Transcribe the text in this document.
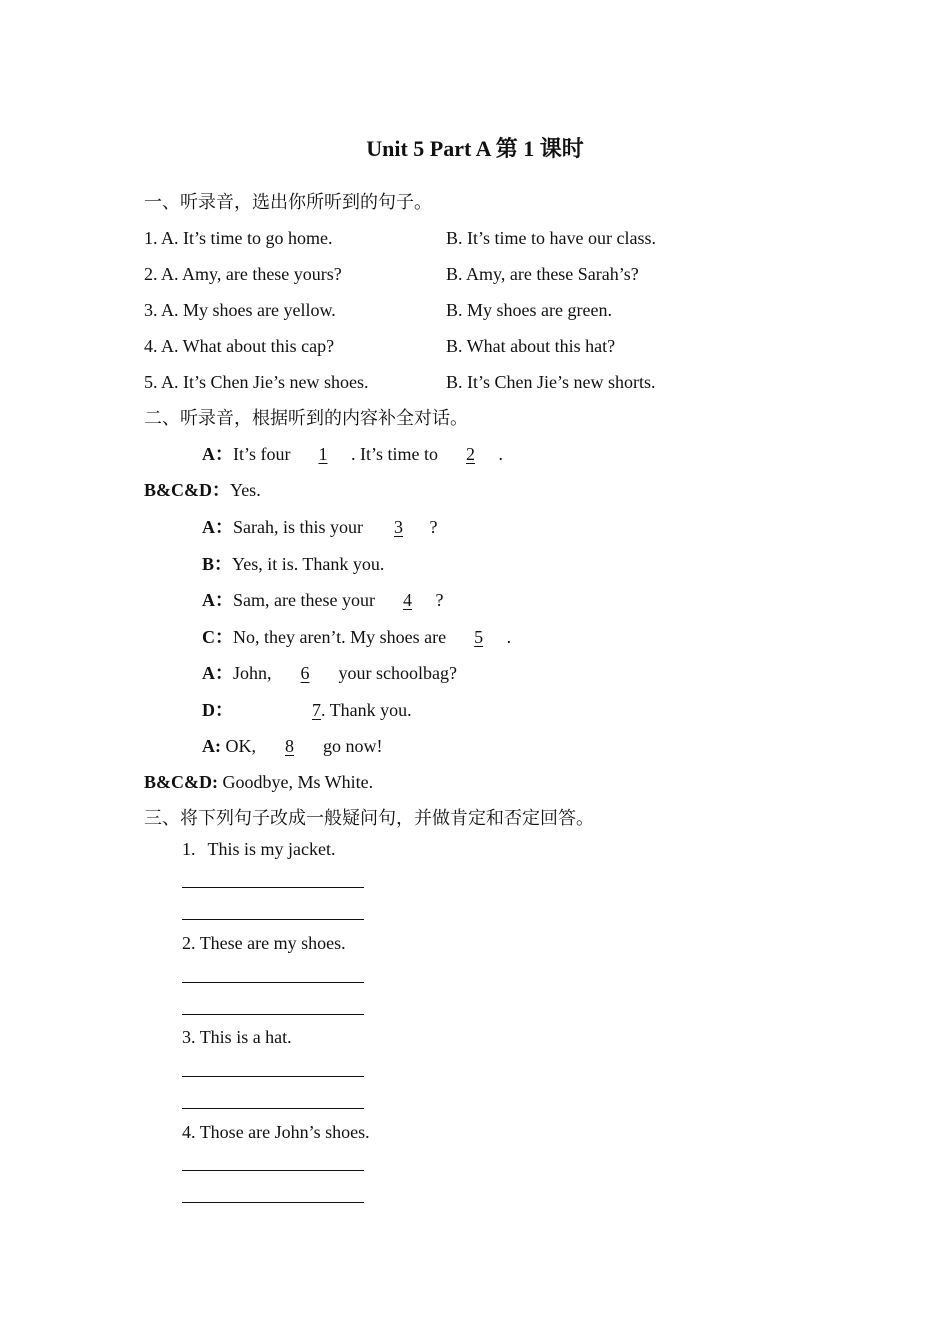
Unit 5 Part A 第 1 课时
一、听录音，选出你所听到的句子。
1. A. It’s time to go home.	B. It’s time to have our class.
2. A. Amy, are these yours?	B. Amy, are these Sarah’s?
3. A. My shoes are yellow.	B. My shoes are green.
4. A. What about this cap?	B. What about this hat?
5. A. It’s Chen Jie’s new shoes.	B. It’s Chen Jie’s new shorts.
二、听录音，根据听到的内容补全对话。
A：It’s four 1 . It’s time to 2 .
B&C&D：Yes.
A：Sarah, is this your 3 ?
B：Yes, it is. Thank you.
A：Sam, are these your 4 ?
C：No, they aren’t. My shoes are 5 .
A：John, 6 your schoolbag?
D：	7. Thank you.
A: OK, 8 go now!
B&C&D: Goodbye, Ms White.
三、将下列句子改成一般疑问句，并做肯定和否定回答。
1. This is my jacket.
2. These are my shoes.
3. This is a hat.
4. Those are John’s shoes.
